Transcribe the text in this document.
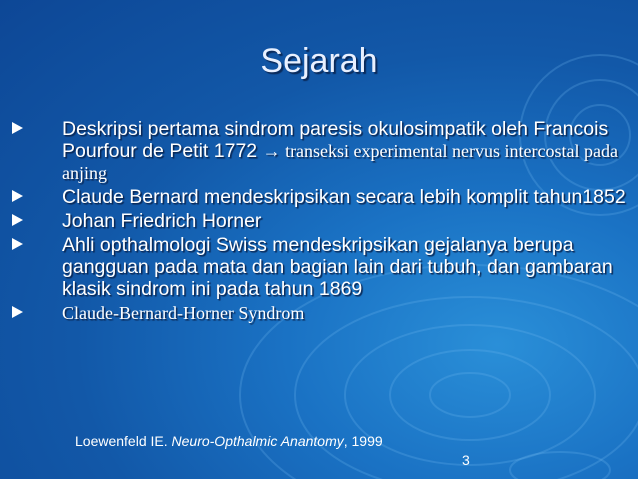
Sejarah
Deskripsi pertama sindrom paresis okulosimpatik oleh Francois Pourfour de Petit 1772 → transeksi experimental nervus intercostal pada anjing
Claude Bernard mendeskripsikan secara lebih komplit tahun1852
Johan Friedrich Horner
Ahli opthalmologi Swiss mendeskripsikan gejalanya berupa gangguan pada mata dan bagian lain dari tubuh, dan gambaran klasik sindrom ini pada tahun 1869
Claude-Bernard-Horner Syndrom
Loewenfeld IE. Neuro-Opthalmic Anantomy, 1999
3
